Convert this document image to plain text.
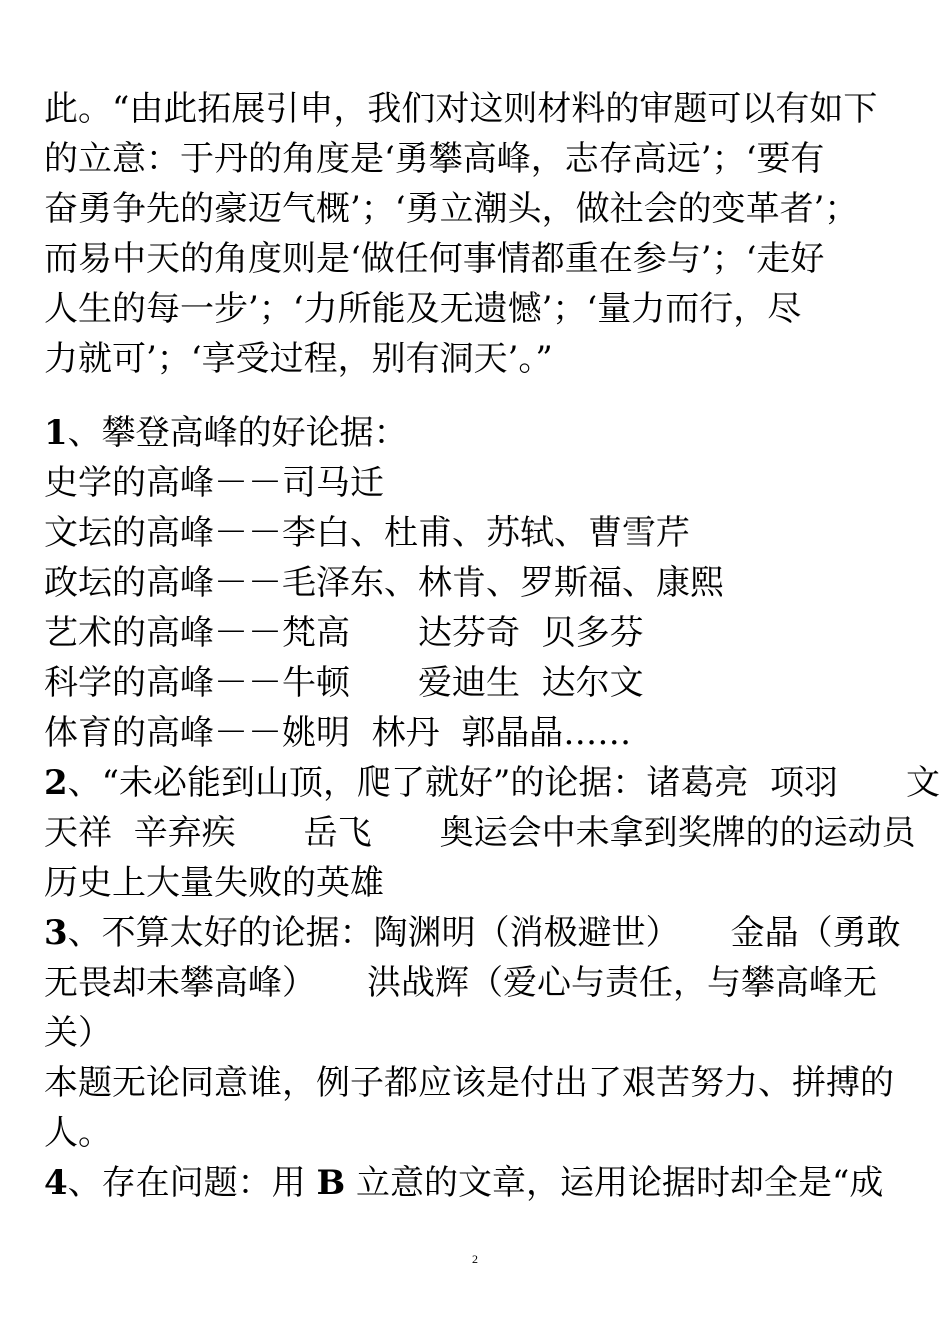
此。“由此拓展引申，我们对这则材料的审题可以有如下
的立意：于丹的角度是‘勇攀高峰，志存高远’；‘要有
奋勇争先的豪迈气概’；‘勇立潮头，做社会的变革者’；
而易中天的角度则是‘做任何事情都重在参与’；‘走好
人生的每一步’；‘力所能及无遗憾’；‘量力而行，尽
力就可’；‘享受过程，别有洞天’。”
1、攀登高峰的好论据：
史学的高峰－－司马迁
文坛的高峰－－李白、杜甫、苏轼、曹雪芹
政坛的高峰－－毛泽东、林肯、罗斯福、康熙
艺术的高峰－－梵高　　达芬奇  贝多芬
科学的高峰－－牛顿　　爱迪生  达尔文
体育的高峰－－姚明  林丹  郭晶晶……
2、“未必能到山顶，爬了就好”的论据：诸葛亮  项羽　　文
天祥  辛弃疾　　岳飞　　奥运会中未拿到奖牌的的运动员
历史上大量失败的英雄
3、不算太好的论据：陶渊明（消极避世）　　金晶（勇敢
无畏却未攀高峰）　　洪战辉（爱心与责任，与攀高峰无
关）
本题无论同意谁，例子都应该是付出了艰苦努力、拼搏的
人。
4、存在问题：用 B 立意的文章，运用论据时却全是“成
2
